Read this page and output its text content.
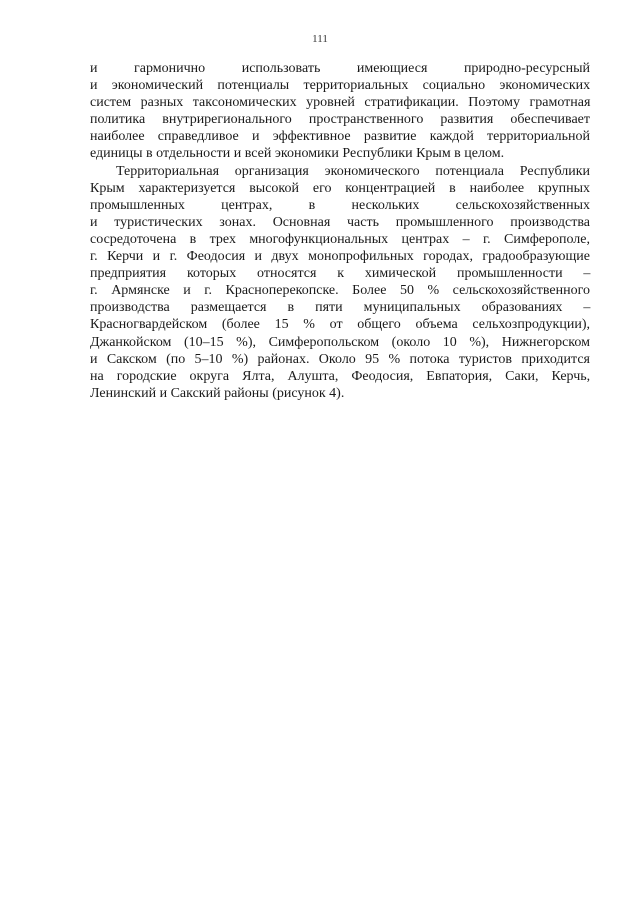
111

и гармонично использовать имеющиеся природно-ресурсный
и экономический потенциалы территориальных социально экономических
систем разных таксономических уровней стратификации. Поэтому грамотная
политика внутрирегионального пространственного развития обеспечивает
наиболее справедливое и эффективное развитие каждой территориальной
единицы в отдельности и всей экономики Республики Крым в целом.

Территориальная организация экономического потенциала Республики
Крым характеризуется высокой его концентрацией в наиболее крупных
промышленных центрах, в нескольких сельскохозяйственных
и туристических зонах. Основная часть промышленного производства
сосредоточена в трех многофункциональных центрах – г. Симферополе,
г. Керчи и г. Феодосия и двух монопрофильных городах, градообразующие
предприятия которых относятся к химической промышленности –
г. Армянске и г. Красноперекопске. Более 50 % сельскохозяйственного
производства размещается в пяти муниципальных образованиях –
Красногвардейском (более 15 % от общего объема сельхозпродукции),
Джанкойском (10–15 %), Симферопольском (около 10 %), Нижнегорском
и Сакском (по 5–10 %) районах. Около 95 % потока туристов приходится
на городские округа Ялта, Алушта, Феодосия, Евпатория, Саки, Керчь,
Ленинский и Сакский районы (рисунок 4).
